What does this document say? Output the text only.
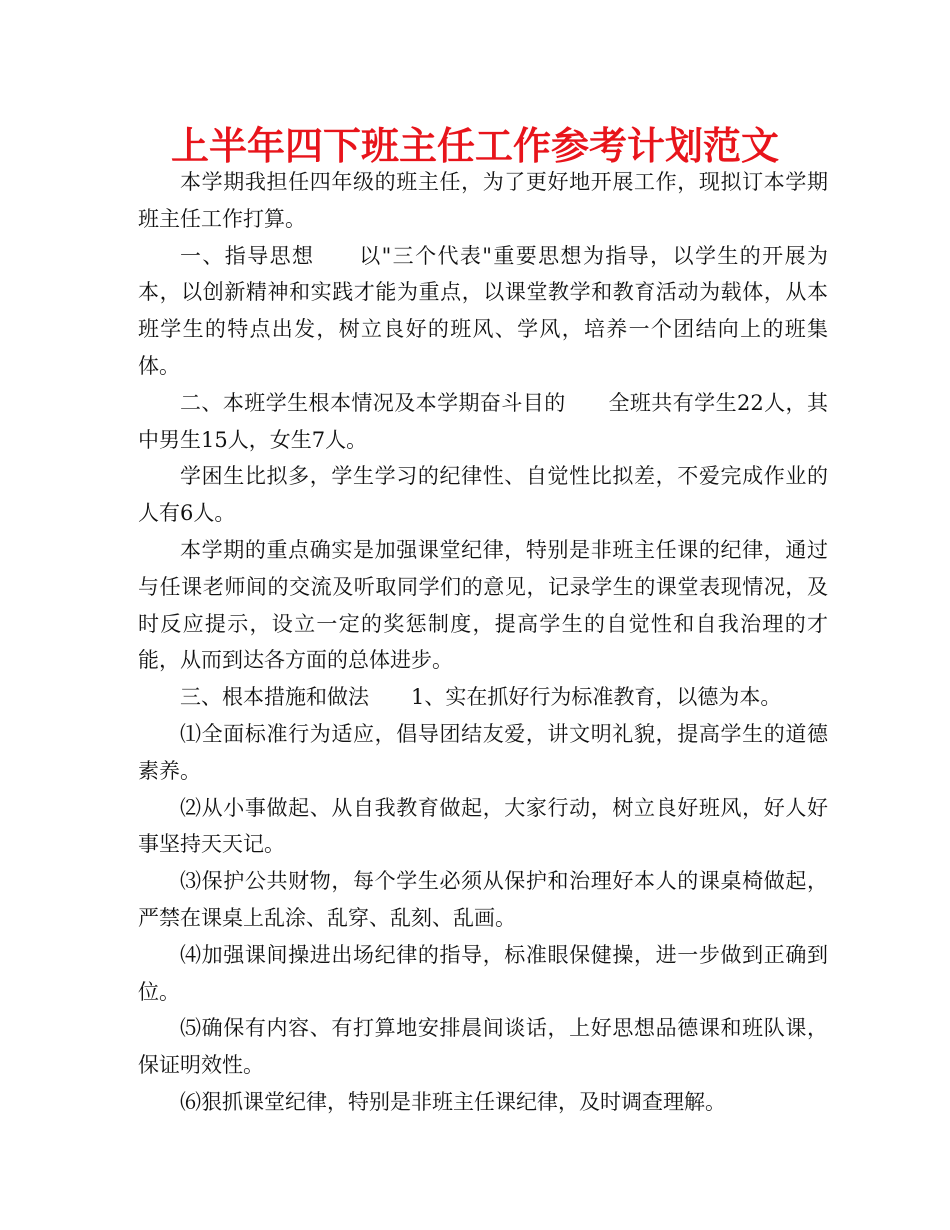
上半年四下班主任工作参考计划范文

本学期我担任四年级的班主任，为了更好地开展工作，现拟订本学期班主任工作打算。

一、指导思想　　以"三个代表"重要思想为指导，以学生的开展为本，以创新精神和实践才能为重点，以课堂教学和教育活动为载体，从本班学生的特点出发，树立良好的班风、学风，培养一个团结向上的班集体。

二、本班学生根本情况及本学期奋斗目的　　全班共有学生22人，其中男生15人，女生7人。

学困生比拟多，学生学习的纪律性、自觉性比拟差，不爱完成作业的人有6人。

本学期的重点确实是加强课堂纪律，特别是非班主任课的纪律，通过与任课老师间的交流及听取同学们的意见，记录学生的课堂表现情况，及时反应提示，设立一定的奖惩制度，提高学生的自觉性和自我治理的才能，从而到达各方面的总体进步。

三、根本措施和做法　　1、实在抓好行为标准教育，以德为本。

⑴全面标准行为适应，倡导团结友爱，讲文明礼貌，提高学生的道德素养。

⑵从小事做起、从自我教育做起，大家行动，树立良好班风，好人好事坚持天天记。

⑶保护公共财物，每个学生必须从保护和治理好本人的课桌椅做起，严禁在课桌上乱涂、乱穿、乱刻、乱画。

⑷加强课间操进出场纪律的指导，标准眼保健操，进一步做到正确到位。

⑸确保有内容、有打算地安排晨间谈话，上好思想品德课和班队课，保证明效性。

⑹狠抓课堂纪律，特别是非班主任课纪律，及时调查理解。
